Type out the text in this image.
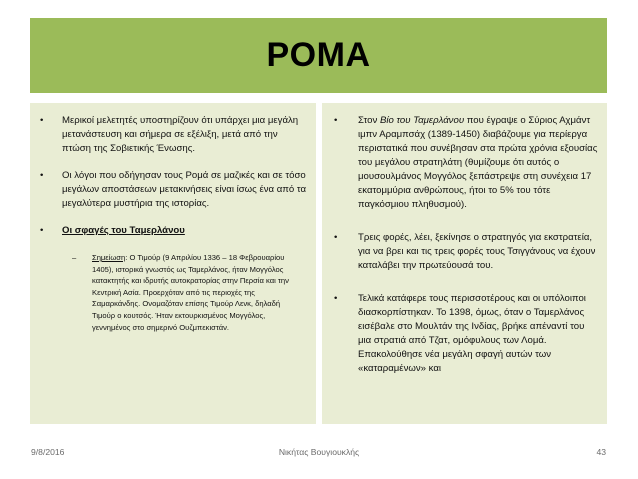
ΡΟΜΑ
• Μερικοί μελετητές υποστηρίζουν ότι υπάρχει μια μεγάλη μετανάστευση και σήμερα σε εξέλιξη, μετά από την πτώση της Σοβιετικής Ένωσης.
• Οι λόγοι που οδήγησαν τους Ρομά σε μαζικές και σε τόσο μεγάλων αποστάσεων μετακινήσεις είναι ίσως ένα από τα μεγαλύτερα μυστήρια της ιστορίας.
• Οι σφαγές του Ταμερλάνου
– Σημείωση: Ο Τιμούρ (9 Απριλίου 1336 – 18 Φεβρουαρίου 1405), ιστορικά γνωστός ως Ταμερλάνος, ήταν Μογγόλος κατακτητής και ιδρυτής αυτοκρατορίας στην Περσία και την Κεντρική Ασία. Προερχόταν από τις περιοχές της Σαμαρκάνδης. Ονομαζόταν επίσης Τιμούρ Λενκ, δηλαδή Τιμούρ ο κουτσός. Ήταν εκτουρκισμένος Μογγόλος, γεννημένος στο σημερινό Ουζμπεκιστάν.
• Στον Βίο του Ταμερλάνου που έγραψε ο Σύριος Αχμάντ ιμπν Αραμπσάχ (1389-1450) διαβάζουμε για περίεργα περιστατικά που συνέβησαν στα πρώτα χρόνια εξουσίας του μεγάλου στρατηλάτη (θυμίζουμε ότι αυτός ο μουσουλμάνος Μογγόλος ξεπάστρεψε στη συνέχεια 17 εκατομμύρια ανθρώπους, ήτοι το 5% του τότε παγκόσμιου πληθυσμού).
• Τρεις φορές, λέει, ξεκίνησε ο στρατηγός για εκστρατεία, για να βρει και τις τρεις φορές τους Τσιγγάνους να έχουν καταλάβει την πρωτεύουσά του.
• Τελικά κατάφερε τους περισσοτέρους και οι υπόλοιποι διασκορπίστηκαν. Το 1398, όμως, όταν ο Ταμερλάνος εισέβαλε στο Μουλτάν της Ινδίας, βρήκε απέναντί του μια στρατιά από Τζατ, ομόφυλους των Λομά. Επακολούθησε νέα μεγάλη σφαγή αυτών των «καταραμένων» και
9/8/2016	Νικήτας Βουγιουκλής	43
